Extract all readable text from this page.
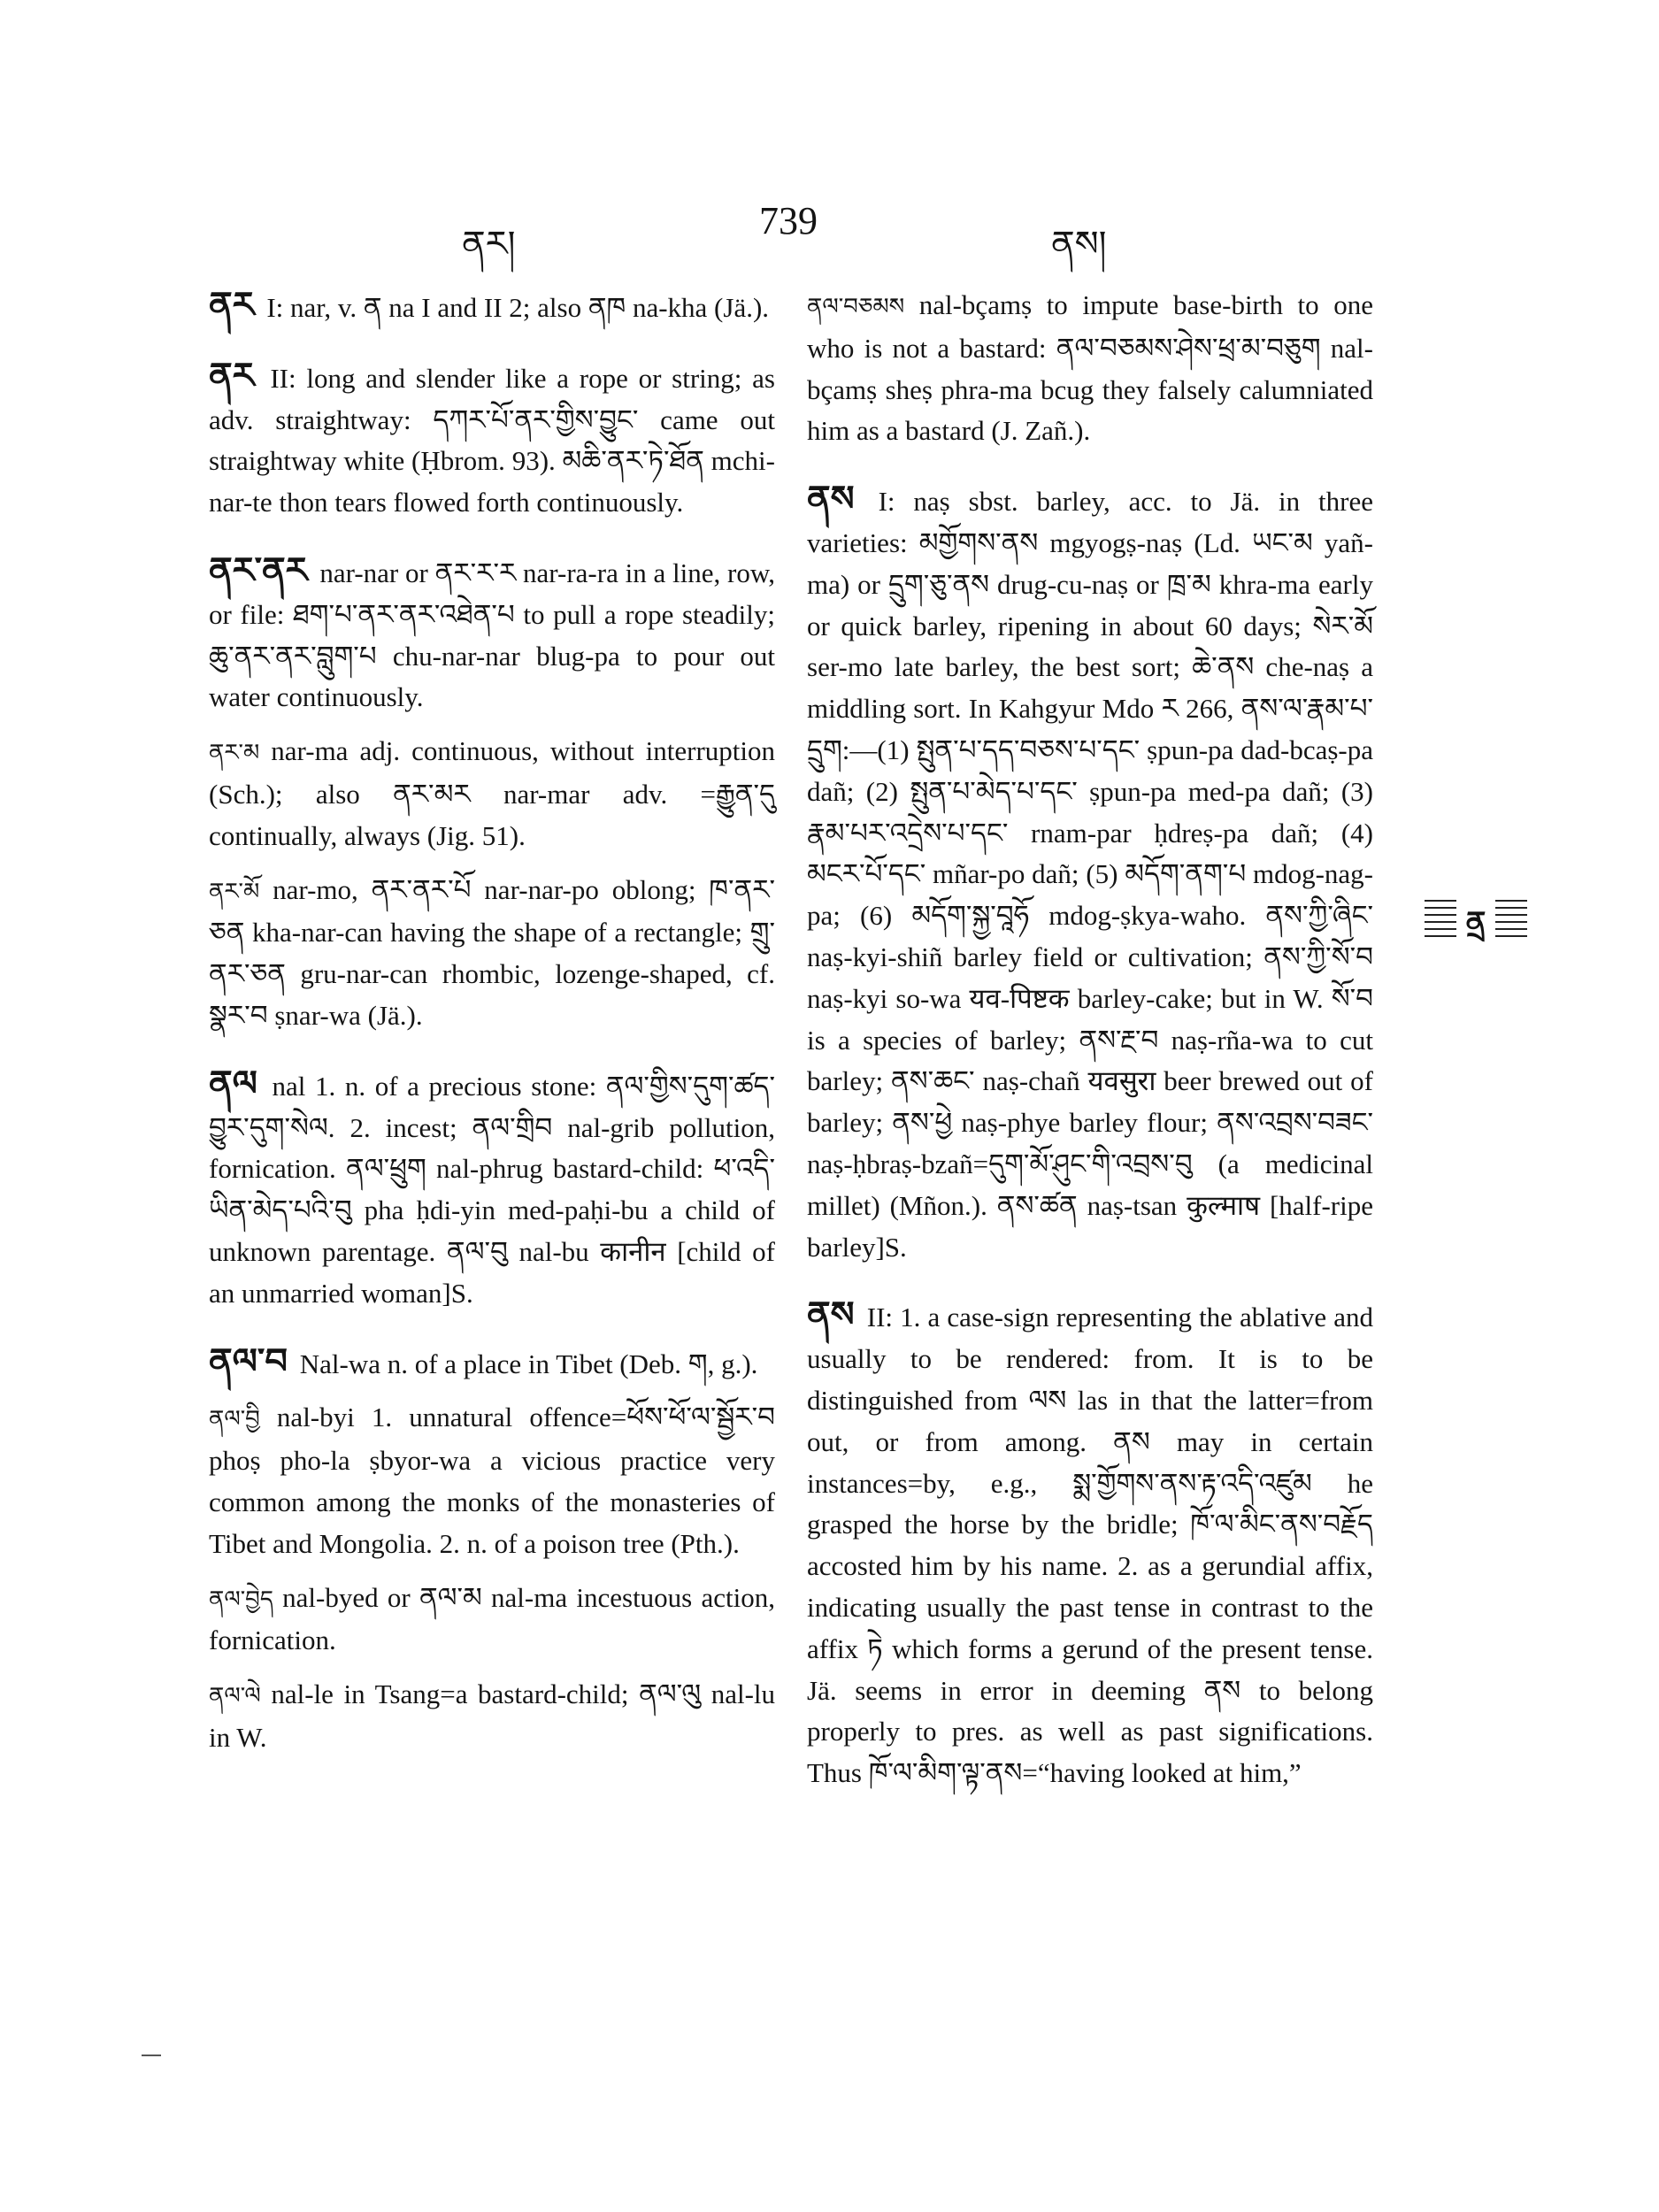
ནར།
739
ནས།

ནར I: nar, v. ན na I and II 2; also ནཁ na-kha (Jä.).

ནར II: long and slender like a rope or string; as adv. straightway: དཀར་པོ་ནར་གྱིས་བྱུང་ came out straightway white (Ḥbrom. 93). མཆི་ནར་ཏེ་ཐོན mchi-nar-te thon tears flowed forth continuously.

ནར་ནར nar-nar or ནར་ར་ར nar-ra-ra in a line, row, or file: ཐག་པ་ནར་ནར་འཐེན་པ to pull a rope steadily; ཆུ་ནར་ནར་བླུག་པ chu-nar-nar blug-pa to pour out water continuously.

ནར་མ nar-ma adj. continuous, without interruption (Sch.); also ནར་མར nar-mar adv. =རྒྱུན་དུ continually, always (Jig. 51).

ནར་མོ nar-mo, ནར་ནར་པོ nar-nar-po oblong; ཁ་ནར་ཅན kha-nar-can having the shape of a rectangle; གྲུ་ནར་ཅན gru-nar-can rhombic, lozenge-shaped, cf. སྣར་བ ṣnar-wa (Jä.).

ནལ nal 1. n. of a precious stone: ནལ་གྱིས་དུག་ཚད་བྱུར་དུག་སེལ. 2. incest; ནལ་གྲིབ nal-grib pollution, fornication. ནལ་ཕྲུག nal-phrug bastard-child: ཕ་འདི་ཡིན་མེད་པའི་བུ pha ḥdi-yin med-paḥi-bu a child of unknown parentage. ནལ་བུ nal-bu कानीन [child of an unmarried woman]S.

ནལ་བ Nal-wa n. of a place in Tibet (Deb. ག, g.).

ནལ་བྱི nal-byi 1. unnatural offence=ཕོས་ཕོ་ལ་སྦྱོར་བ phoṣ pho-la ṣbyor-wa a vicious practice very common among the monks of the monasteries of Tibet and Mongolia. 2. n. of a poison tree (Pth.).

ནལ་བྱེད nal-byed or ནལ་མ nal-ma incestuous action, fornication.

ནལ་ལེ nal-le in Tsang=a bastard-child; ནལ་ལུ nal-lu in W.

ནལ་བཅམས nal-bçamṣ to impute base-birth to one who is not a bastard: ནལ་བཅམས་ཤེས་ཕྲ་མ་བཅུག nal-bçamṣ sheṣ phra-ma bcug they falsely calumniated him as a bastard (J. Zañ.).

ནས I: naṣ sbst. barley, acc. to Jä. in three varieties: མགྱོགས་ནས mgyogṣ-naṣ (Ld. ཡང་མ yañ-ma) or དྲུག་ཅུ་ནས drug-cu-naṣ or ཁྲ་མ khra-ma early or quick barley, ripening in about 60 days; སེར་མོ ser-mo late barley, the best sort; ཆེ་ནས che-naṣ a middling sort. In Kahgyur Mdo ར 266, ནས་ལ་རྣམ་པ་དྲུག:—(1) སྤུན་པ་དད་བཅས་པ་དང་ ṣpun-pa dad-bcaṣ-pa dañ; (2) སྤུན་པ་མེད་པ་དང་ ṣpun-pa med-pa dañ; (3) རྣམ་པར་འདྲེས་པ་དང་ rnam-par ḥdreṣ-pa dañ; (4) མངར་པོ་དང་ mñar-po dañ; (5) མདོག་ནག་པ mdog-nag-pa; (6) མདོག་སྐྱ་བཱཧོ mdog-ṣkya-waho. ནས་ཀྱི་ཞིང་ naṣ-kyi-shiñ barley field or cultivation; ནས་ཀྱི་སོ་བ naṣ-kyi so-wa यव-पिष्टक barley-cake; but in W. སོ་བ is a species of barley; ནས་རྔ་བ naṣ-rña-wa to cut barley; ནས་ཆང་ naṣ-chañ यवसुरा beer brewed out of barley; ནས་ཕྱེ naṣ-phye barley flour; ནས་འབྲས་བཟང་ naṣ-ḥbraṣ-bzañ=དུག་མོ་ཤུང་གི་འབྲས་བུ (a medicinal millet) (Mñon.). ནས་ཚན naṣ-tsan कुल्माष [half-ripe barley]S.

ནས II: 1. a case-sign representing the ablative and usually to be rendered: from. It is to be distinguished from ལས las in that the latter=from out, or from among. ནས may in certain instances=by, e.g., སྨ་གྱོགས་ནས་རྟ་འདི་འཛུམ he grasped the horse by the bridle; ཁོ་ལ་མིང་ནས་བརྗོད accosted him by his name. 2. as a gerundial affix, indicating usually the past tense in contrast to the affix ཏེ which forms a gerund of the present tense. Jä. seems in error in deeming ནས to belong properly to pres. as well as past significations. Thus ཁོ་ལ་མིག་ལྟ་ནས=“having looked at him,”

ནྲ
